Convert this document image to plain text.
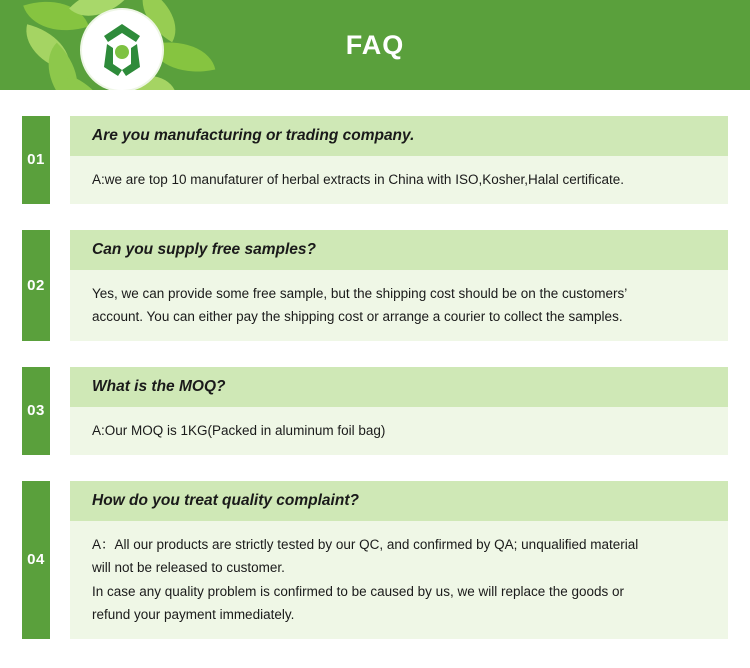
FAQ
01
Are you manufacturing or trading company.

A:we are top 10 manufaturer of herbal extracts in China with ISO,Kosher,Halal certificate.

02
Can you supply free samples?

Yes, we can provide some free sample, but the shipping cost should be on the customers’

account. You can either pay the shipping cost or arrange a courier to collect the samples.

03
What is the MOQ?

A:Our MOQ is 1KG(Packed in aluminum foil bag)

04
How do you treat quality complaint?

A：All our products are strictly tested by our QC, and confirmed by QA; unqualified material

will not be released to customer.

In case any quality problem is confirmed to be caused by us, we will replace the goods or

refund your payment immediately.
